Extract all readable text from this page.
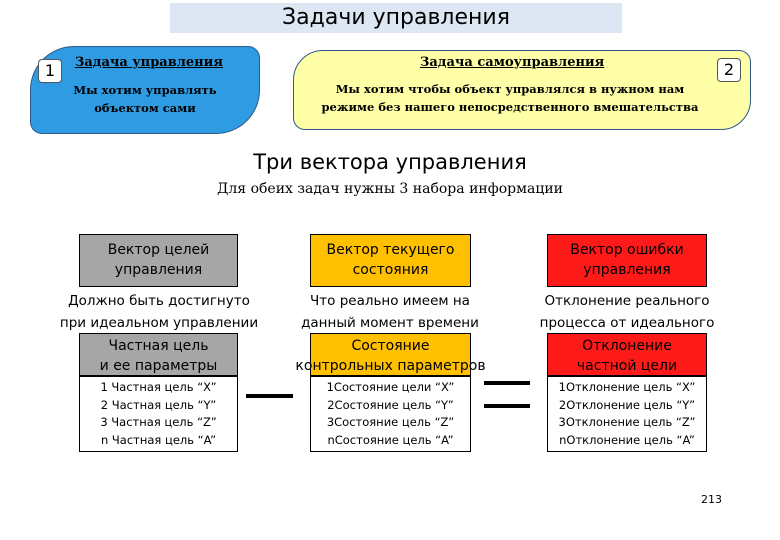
Задачи управления
1	Задача управления
Мы хотим управлять
объектом сами
2
Задача самоуправления
Мы хотим чтобы объект управлялся в нужном нам
режиме без нашего непосредственного вмешательства
Три вектора управления
Для обеих задач нужны 3 набора информации
Вектор целей
управления
Должно быть достигнуто
при идеальном управлении
Частная цель
и ее параметры
1 Частная цель “X”
2 Частная цель “Y”
3 Частная цель “Z”
n Частная цель “A”
Вектор текущего
состояния
Что реально имеем на
данный момент времени
Состояние
контрольных параметров
1Состояние цели “X”
2Состояние цель “Y”
3Состояние цель “Z”
nСостояние цель “A”
Вектор ошибки
управления
Отклонение реального
процесса от идеального
Отклонение
частной цели
1Отклонение цель “X”
2Отклонение цель “Y”
3Отклонение цель “Z”
nОтклонение цель “A”
213
